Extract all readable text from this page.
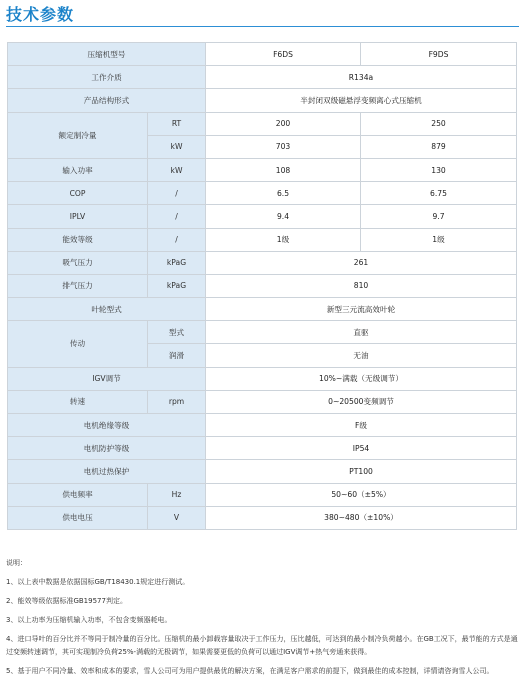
技术参数
压缩机型号		F6DS	F9DS
工作介质		R134a	
产品结构形式		半封闭双级磁悬浮变频离心式压缩机	
额定制冷量	RT	200	250
	kW	703	879
输入功率	kW	108	130
COP	/	6.5	6.75
IPLV	/	9.4	9.7
能效等级	/	1级	1级
吸气压力	kPaG	261	
排气压力	kPaG	810	
叶轮型式		新型三元流高效叶轮	
传动	型式	直驱	
	润滑	无油	
IGV调节		10%~满载（无级调节）	
转速	rpm	0~20500变频调节	
电机绝缘等级		F级	
电机防护等级		IP54	
电机过热保护		PT100	
供电频率	Hz	50~60（±5%）	
供电电压	V	380~480（±10%）	

说明：

1、以上表中数据是依据国标GB/T18430.1规定进行测试。

2、能效等级依据标准GB19577判定。

3、以上功率为压缩机输入功率，不包含变频器耗电。

4、进口导叶的百分比并不等同于制冷量的百分比。压缩机的最小卸载容量取决于工作压力，压比越低，可达到的最小制冷负荷越小。在GB工况下，最节能的方式是通过变频转速调节，其可实现制冷负荷25%-满载的无极调节，如果需要更低的负荷可以通过IGV调节+热气旁通来获得。

5、基于用户不同冷量、效率和成本的要求，雪人公司可为用户提供最优的解决方案，在满足客户需求的前提下，做到最佳的成本控制，详情请咨询雪人公司。
